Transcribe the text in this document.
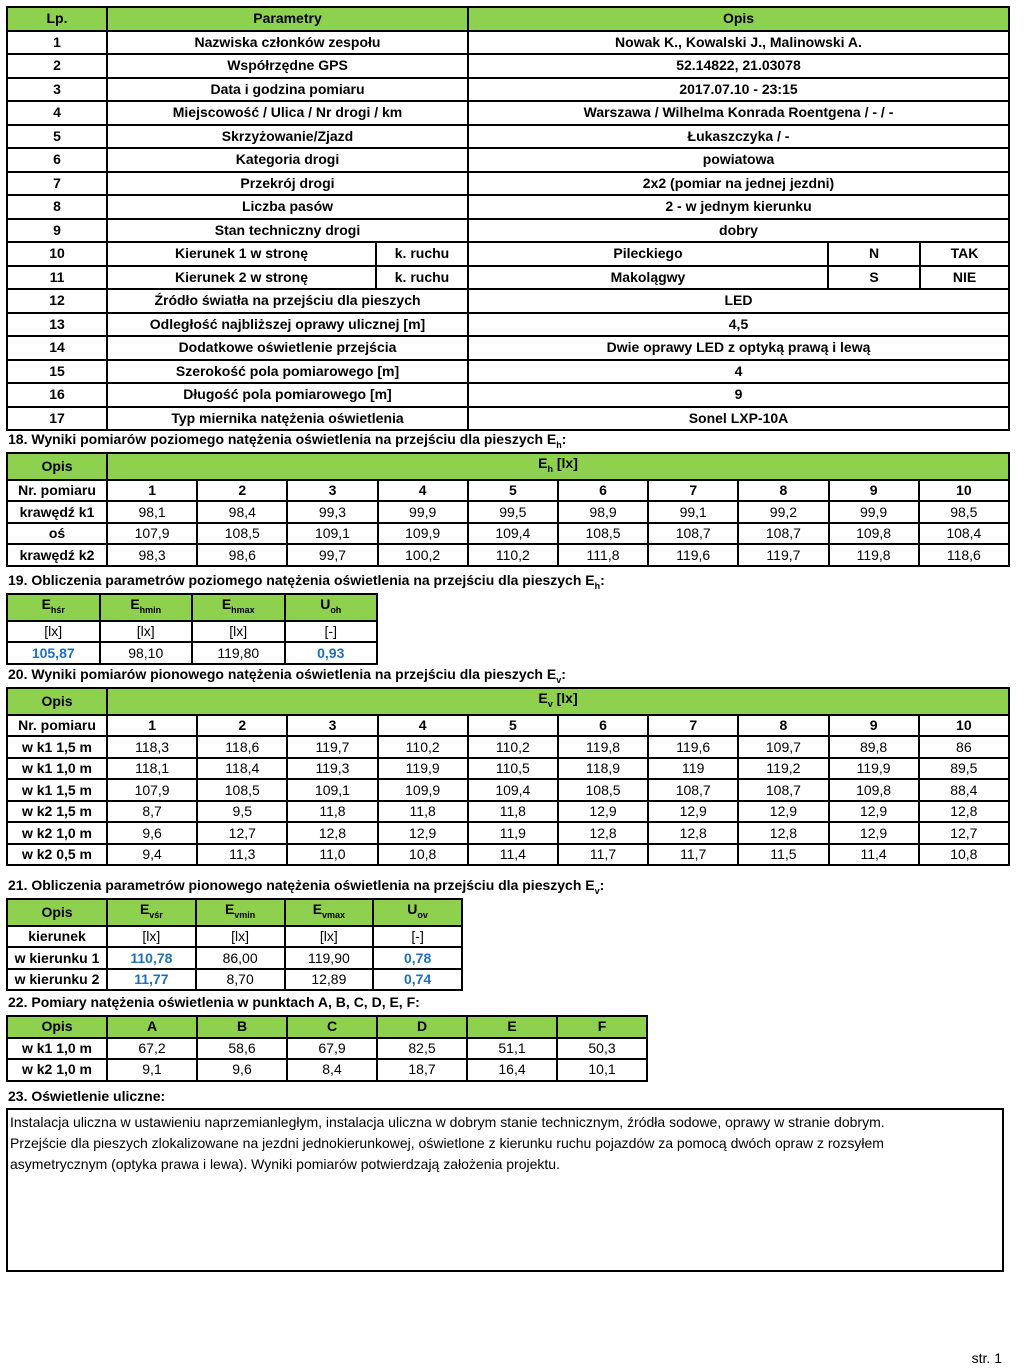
Lp.	Parametry		Opis		
1	Nazwiska członków zespołu		Nowak K., Kowalski J., Malinowski A.		
2	Współrzędne GPS		52.14822, 21.03078		
3	Data i godzina pomiaru		2017.07.10 - 23:15		
4	Miejscowość / Ulica / Nr drogi / km		Warszawa / Wilhelma Konrada Roentgena / - / -		
5	Skrzyżowanie/Zjazd		Łukaszczyka / -		
6	Kategoria drogi		powiatowa		
7	Przekrój drogi		2x2 (pomiar na jednej jezdni)		
8	Liczba pasów		2 - w jednym kierunku		
9	Stan techniczny drogi		dobry		
10	Kierunek 1 w stronę	k. ruchu	Pileckiego	N	TAK
11	Kierunek 2 w stronę	k. ruchu	Makolągwy	S	NIE
12	Źródło światła na przejściu dla pieszych		LED		
13	Odległość najbliższej oprawy ulicznej [m]		4,5		
14	Dodatkowe oświetlenie przejścia		Dwie oprawy LED z optyką prawą i lewą		
15	Szerokość pola pomiarowego [m]		4		
16	Długość pola pomiarowego [m]		9		
17	Typ miernika natężenia oświetlenia		Sonel LXP-10A		
18. Wyniki pomiarów poziomego natężenia oświetlenia na przejściu dla pieszych $E_h$:
Opis	$E_h$ [lx]									
Nr. pomiaru	1	2	3	4	5	6	7	8	9	10
krawędź k1	98,1	98,4	99,3	99,9	99,5	98,9	99,1	99,2	99,9	98,5
oś	107,9	108,5	109,1	109,9	109,4	108,5	108,7	108,7	109,8	108,4
krawędź k2	98,3	98,6	99,7	100,2	110,2	111,8	119,6	119,7	119,8	118,6
19. Obliczenia parametrów poziomego natężenia oświetlenia na przejściu dla pieszych $E_h$:
$E_{hśr}$	$E_{hmin}$	$E_{hmax}$	$U_{oh}$
[lx]	[lx]	[lx]	[-]
105,87	98,10	119,80	0,93
20. Wyniki pomiarów pionowego natężenia oświetlenia na przejściu dla pieszych $E_v$:
Opis	$E_v$ [lx]									
Nr. pomiaru	1	2	3	4	5	6	7	8	9	10
w k1 1,5 m	118,3	118,6	119,7	110,2	110,2	119,8	119,6	109,7	89,8	86
w k1 1,0 m	118,1	118,4	119,3	119,9	110,5	118,9	119	119,2	119,9	89,5
w k1 1,5 m	107,9	108,5	109,1	109,9	109,4	108,5	108,7	108,7	109,8	88,4
w k2 1,5 m	8,7	9,5	11,8	11,8	11,8	12,9	12,9	12,9	12,9	12,8
w k2 1,0 m	9,6	12,7	12,8	12,9	11,9	12,8	12,8	12,8	12,9	12,7
w k2 0,5 m	9,4	11,3	11,0	10,8	11,4	11,7	11,7	11,5	11,4	10,8
21. Obliczenia parametrów pionowego natężenia oświetlenia na przejściu dla pieszych $E_v$:
Opis	$E_{vśr}$	$E_{vmin}$	$E_{vmax}$	$U_{ov}$
kierunek	[lx]	[lx]	[lx]	[-]
w kierunku 1	110,78	86,00	119,90	0,78
w kierunku 2	11,77	8,70	12,89	0,74
22. Pomiary natężenia oświetlenia w punktach A, B, C, D, E, F:
Opis	A	B	C	D	E	F
w k1 1,0 m	67,2	58,6	67,9	82,5	51,1	50,3
w k2 1,0 m	9,1	9,6	8,4	18,7	16,4	10,1
23. Oświetlenie uliczne:

Instalacja uliczna w ustawieniu naprzemianległym, instalacja uliczna w dobrym stanie technicznym, źródła sodowe, oprawy w stranie dobrym.

Przejście dla pieszych zlokalizowane na jezdni jednokierunkowej, oświetlone z kierunku ruchu pojazdów za pomocą dwóch opraw z rozsyłem

asymetrycznym (optyka prawa i lewa). Wyniki pomiarów potwierdzają założenia projektu.

str. 1
